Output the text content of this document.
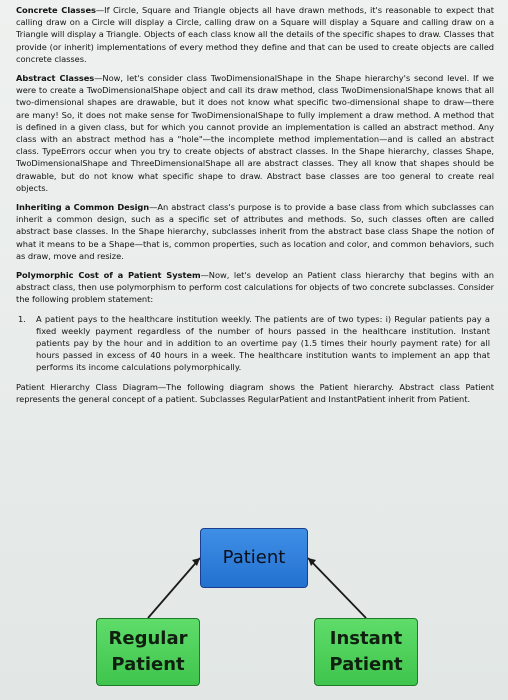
Concrete Classes—If Circle, Square and Triangle objects all have drawn methods, it's reasonable to expect that calling draw on a Circle will display a Circle, calling draw on a Square will display a Square and calling draw on a Triangle will display a Triangle. Objects of each class know all the details of the specific shapes to draw. Classes that provide (or inherit) implementations of every method they define and that can be used to create objects are called concrete classes.

Abstract Classes—Now, let's consider class TwoDimensionalShape in the Shape hierarchy's second level. If we were to create a TwoDimensionalShape object and call its draw method, class TwoDimensionalShape knows that all two-dimensional shapes are drawable, but it does not know what specific two-dimensional shape to draw—there are many! So, it does not make sense for TwoDimensionalShape to fully implement a draw method. A method that is defined in a given class, but for which you cannot provide an implementation is called an abstract method. Any class with an abstract method has a "hole"—the incomplete method implementation—and is called an abstract class. TypeErrors occur when you try to create objects of abstract classes. In the Shape hierarchy, classes Shape, TwoDimensionalShape and ThreeDimensionalShape all are abstract classes. They all know that shapes should be drawable, but do not know what specific shape to draw. Abstract base classes are too general to create real objects.

Inheriting a Common Design—An abstract class's purpose is to provide a base class from which subclasses can inherit a common design, such as a specific set of attributes and methods. So, such classes often are called abstract base classes. In the Shape hierarchy, subclasses inherit from the abstract base class Shape the notion of what it means to be a Shape—that is, common properties, such as location and color, and common behaviors, such as draw, move and resize.

Polymorphic Cost of a Patient System—Now, let's develop an Patient class hierarchy that begins with an abstract class, then use polymorphism to perform cost calculations for objects of two concrete subclasses. Consider the following problem statement:

1.	A patient pays to the healthcare institution weekly. The patients are of two types: i) Regular patients pay a fixed weekly payment regardless of the number of hours passed in the healthcare institution. Instant patients pay by the hour and in addition to an overtime pay (1.5 times their hourly payment rate) for all hours passed in excess of 40 hours in a week. The healthcare institution wants to implement an app that performs its income calculations polymorphically.

Patient Hierarchy Class Diagram—The following diagram shows the Patient hierarchy. Abstract class Patient represents the general concept of a patient. Subclasses RegularPatient and InstantPatient inherit from Patient.

Patient
Regular
Patient
Instant
Patient
